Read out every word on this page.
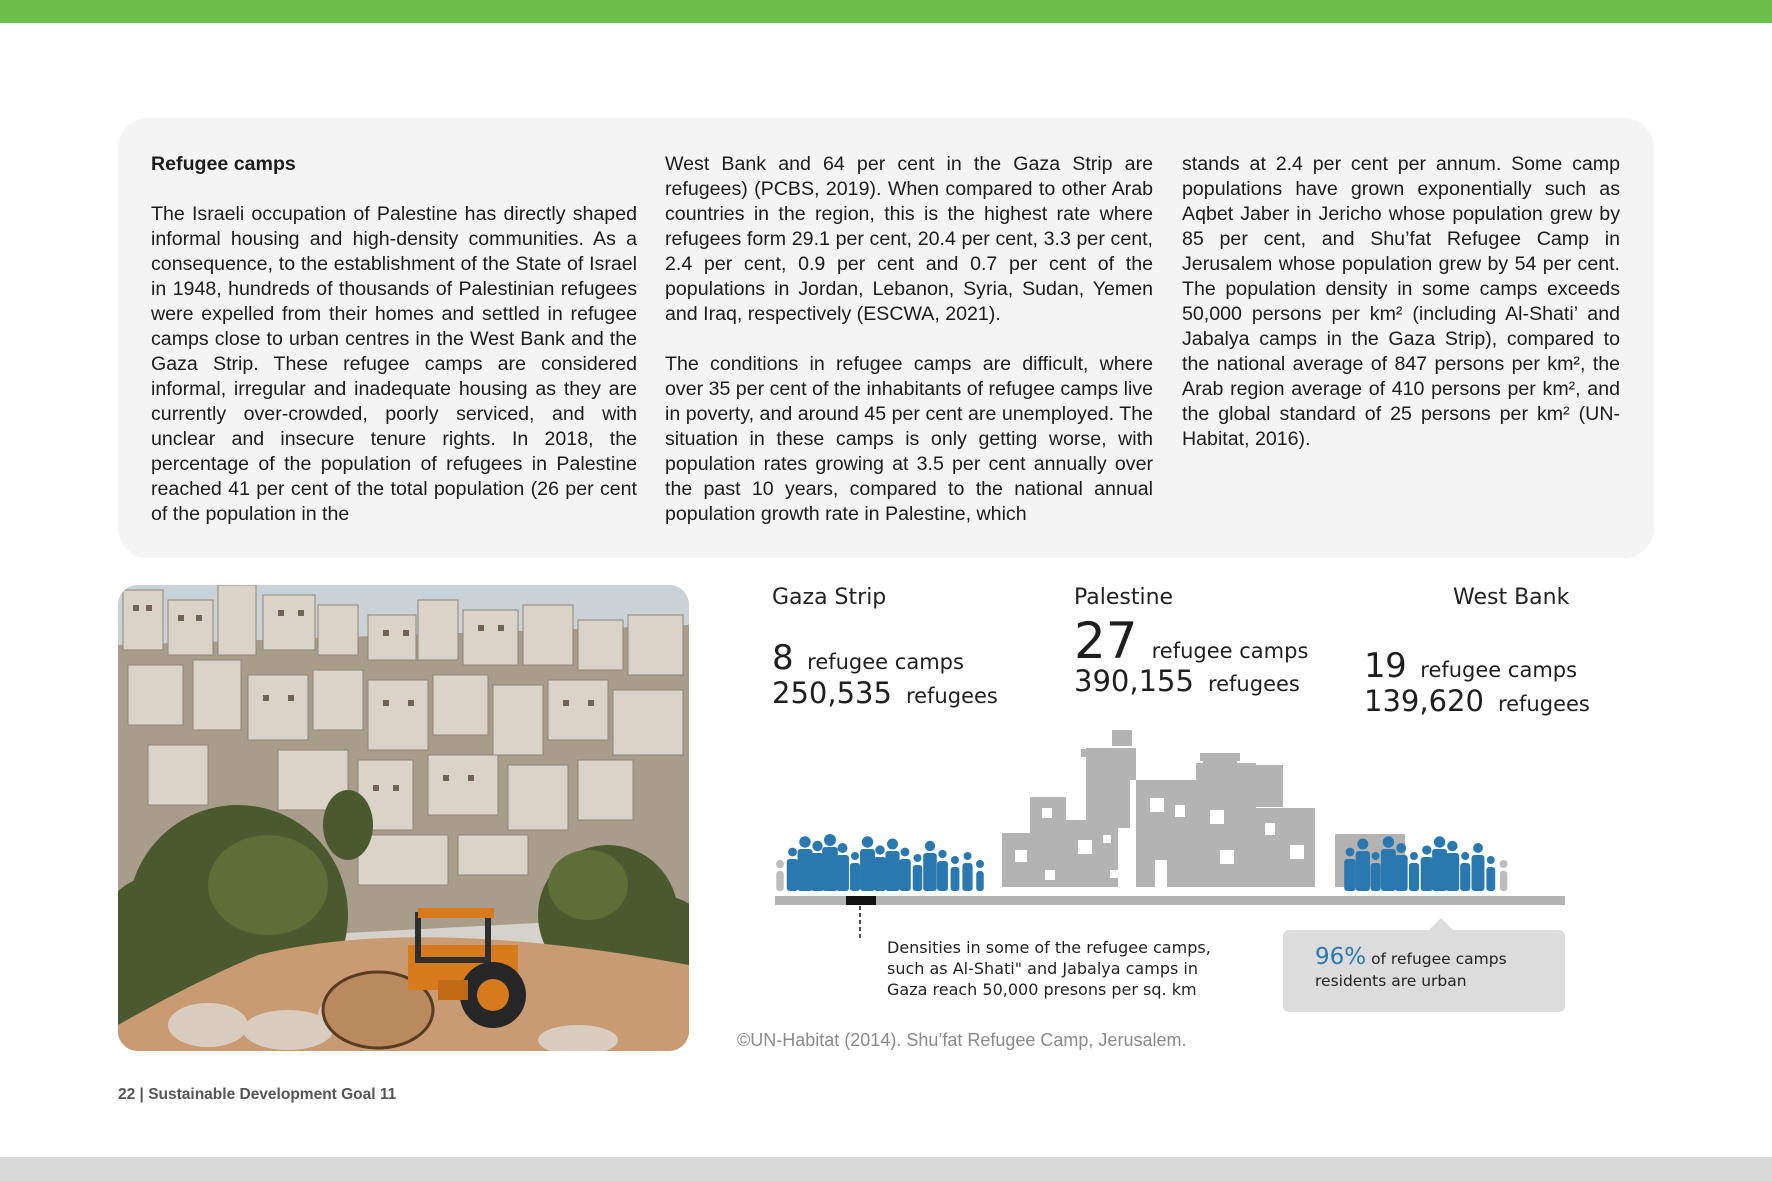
Refugee camps

The Israeli occupation of Palestine has directly shaped informal housing and high-density communities. As a consequence, to the establishment of the State of Israel in 1948, hundreds of thousands of Palestinian refugees were expelled from their homes and settled in refugee camps close to urban centres in the West Bank and the Gaza Strip. These refugee camps are considered informal, irregular and inadequate housing as they are currently over-crowded, poorly serviced, and with unclear and insecure tenure rights. In 2018, the percentage of the population of refugees in Palestine reached 41 per cent of the total population (26 per cent of the population in the

West Bank and 64 per cent in the Gaza Strip are refugees) (PCBS, 2019). When compared to other Arab countries in the region, this is the highest rate where refugees form 29.1 per cent, 20.4 per cent, 3.3 per cent, 2.4 per cent, 0.9 per cent and 0.7 per cent of the populations in Jordan, Lebanon, Syria, Sudan, Yemen and Iraq, respectively (ESCWA, 2021).

The conditions in refugee camps are difficult, where over 35 per cent of the inhabitants of refugee camps live in poverty, and around 45 per cent are unemployed. The situation in these camps is only getting worse, with population rates growing at 3.5 per cent annually over the past 10 years, compared to the national annual population growth rate in Palestine, which

stands at 2.4 per cent per annum. Some camp populations have grown exponentially such as Aqbet Jaber in Jericho whose population grew by 85 per cent, and Shu’fat Refugee Camp in Jerusalem whose population grew by 54 per cent. The population density in some camps exceeds 50,000 persons per km² (including Al-Shati’ and Jabalya camps in the Gaza Strip), compared to the national average of 847 persons per km², the Arab region average of 410 persons per km², and the global standard of 25 persons per km² (UN-Habitat, 2016).

Gaza Strip
8 refugee camps
250,535 refugees
Palestine
27 refugee camps
390,155 refugees
West Bank
19 refugee camps
139,620 refugees
Densities in some of the refugee camps, such as Al-Shati" and Jabalya camps in Gaza reach 50,000 presons per sq. km
96% of refugee camps residents are urban
©UN-Habitat (2014). Shu’fat Refugee Camp, Jerusalem.
22 | Sustainable Development Goal 11
